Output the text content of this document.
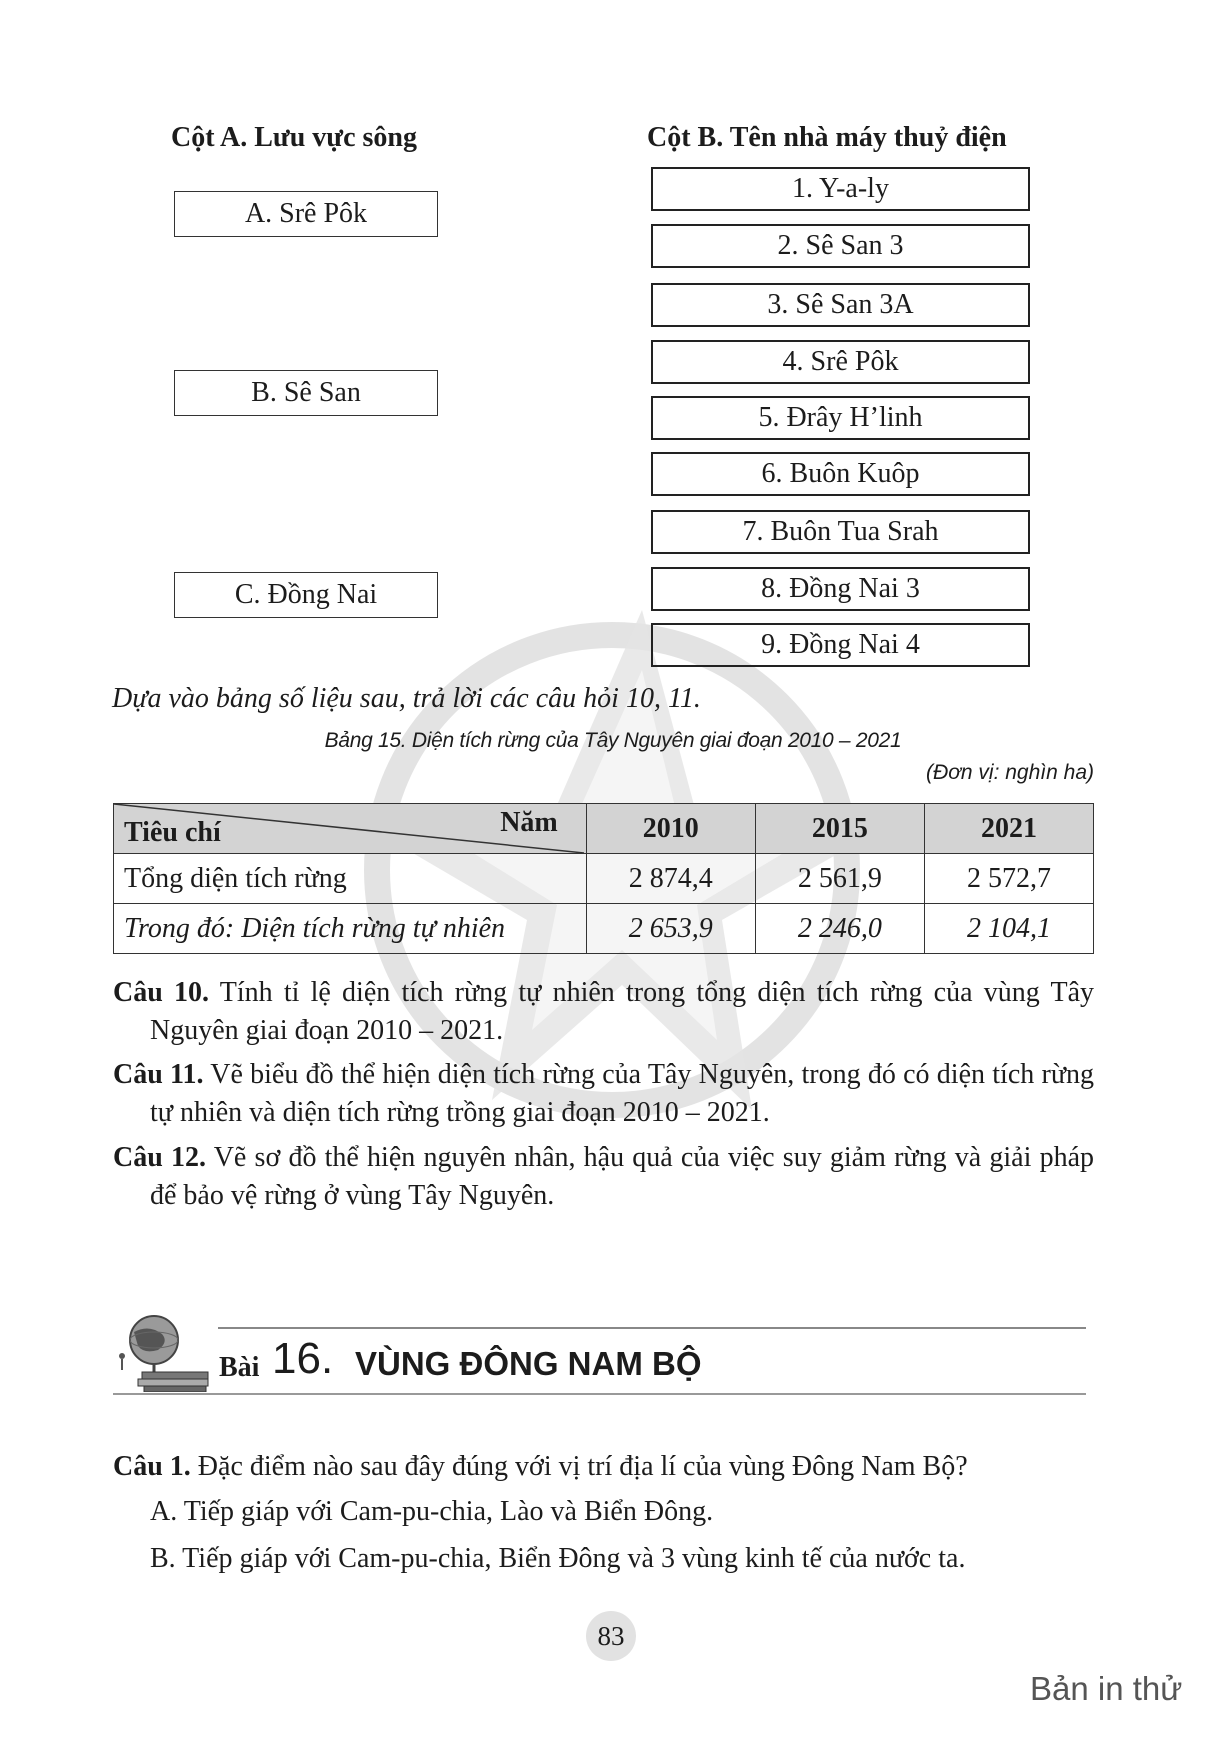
Cột A. Lưu vực sông	Cột B. Tên nhà máy thuỷ điện
A. Srê Pôk
B. Sê San
C. Đồng Nai
1. Y-a-ly
2. Sê San 3
3. Sê San 3A
4. Srê Pôk
5. Đrây H’linh
6. Buôn Kuôp
7. Buôn Tua Srah
8. Đồng Nai 3
9. Đồng Nai 4
Dựa vào bảng số liệu sau, trả lời các câu hỏi 10, 11.
Bảng 15. Diện tích rừng của Tây Nguyên giai đoạn 2010 – 2021
(Đơn vị: nghìn ha)
Tiêu chí Năm	2010	2015	2021
Tổng diện tích rừng	2 874,4	2 561,9	2 572,7
Trong đó: Diện tích rừng tự nhiên	2 653,9	2 246,0	2 104,1
Câu 10. Tính tỉ lệ diện tích rừng tự nhiên trong tổng diện tích rừng của vùng Tây Nguyên giai đoạn 2010 – 2021.
Câu 11. Vẽ biểu đồ thể hiện diện tích rừng của Tây Nguyên, trong đó có diện tích rừng tự nhiên và diện tích rừng trồng giai đoạn 2010 – 2021.
Câu 12. Vẽ sơ đồ thể hiện nguyên nhân, hậu quả của việc suy giảm rừng và giải pháp để bảo vệ rừng ở vùng Tây Nguyên.
Bài 16. VÙNG ĐÔNG NAM BỘ
Câu 1. Đặc điểm nào sau đây đúng với vị trí địa lí của vùng Đông Nam Bộ?
A. Tiếp giáp với Cam-pu-chia, Lào và Biển Đông.
B. Tiếp giáp với Cam-pu-chia, Biển Đông và 3 vùng kinh tế của nước ta.
83
Bản in thử
